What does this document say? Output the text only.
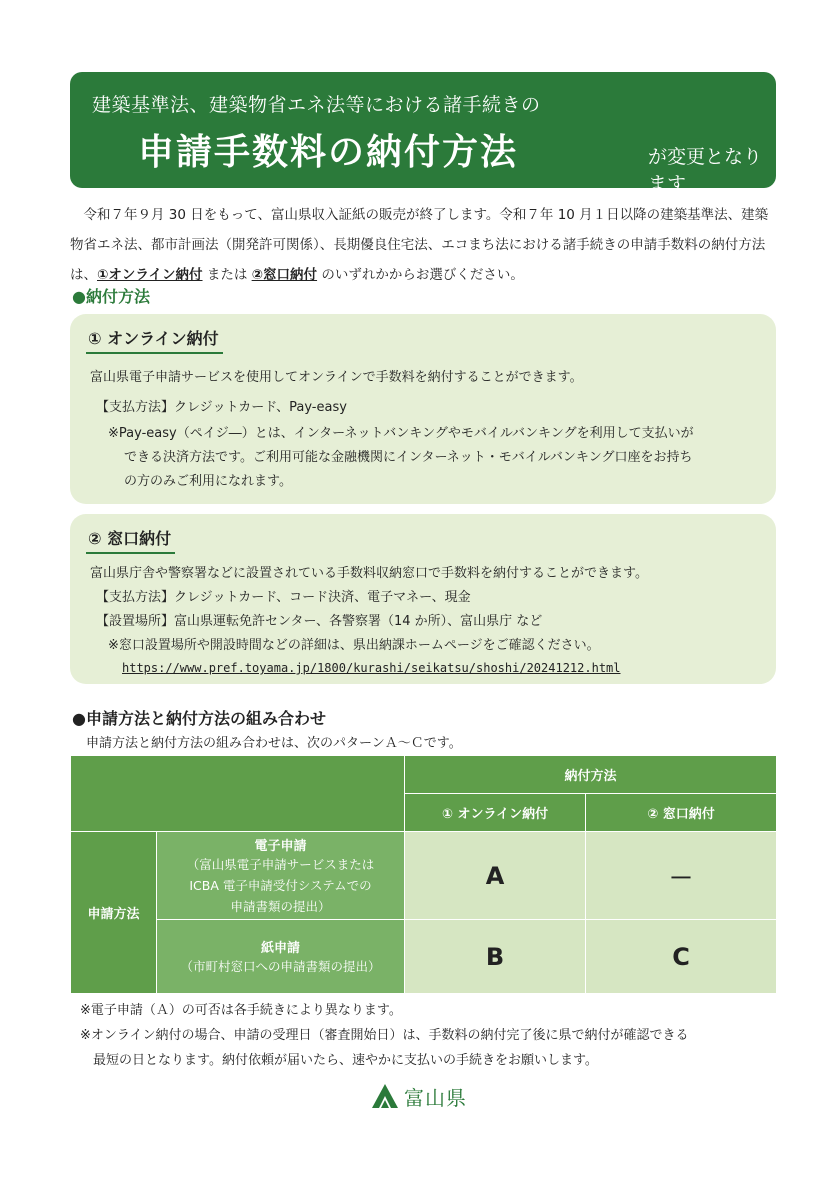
建築基準法、建築物省エネ法等における諸手続きの
申請手数料の納付方法	が変更となります

令和７年９月 30 日をもって、富山県収入証紙の販売が終了します。令和７年 10 月１日以降の建築基準法、建築物省エネ法、都市計画法（開発許可関係）、長期優良住宅法、エコまち法における諸手続きの申請手数料の納付方法は、①オンライン納付 または ②窓口納付 のいずれかからお選びください。

●納付方法
① オンライン納付
富山県電子申請サービスを使用してオンラインで手数料を納付することができます。
【支払方法】クレジットカード、Pay-easy
※Pay-easy（ペイジ―）とは、インターネットバンキングやモバイルバンキングを利用して支払いが
できる決済方法です。ご利用可能な金融機関にインターネット・モバイルバンキング口座をお持ち
の方のみご利用になれます。
② 窓口納付
富山県庁舎や警察署などに設置されている手数料収納窓口で手数料を納付することができます。
【支払方法】クレジットカード、コード決済、電子マネー、現金
【設置場所】富山県運転免許センター、各警察署（14 か所）、富山県庁 など
※窓口設置場所や開設時間などの詳細は、県出納課ホームページをご確認ください。
https://www.pref.toyama.jp/1800/kurashi/seikatsu/shoshi/20241212.html
●申請方法と納付方法の組み合わせ
申請方法と納付方法の組み合わせは、次のパターンＡ～Ｃです。
		納付方法	
		① オンライン納付	② 窓口納付
申請方法	電子申請
（富山県電子申請サービスまたは
ICBA 電子申請受付システムでの
申請書類の提出）	A	－

	紙申請
（市町村窓口への申請書類の提出）	B	C

※電子申請（Ａ）の可否は各手続きにより異なります。

※オンライン納付の場合、申請の受理日（審査開始日）は、手数料の納付完了後に県で納付が確認できる

最短の日となります。納付依頼が届いたら、速やかに支払いの手続きをお願いします。

富山県
